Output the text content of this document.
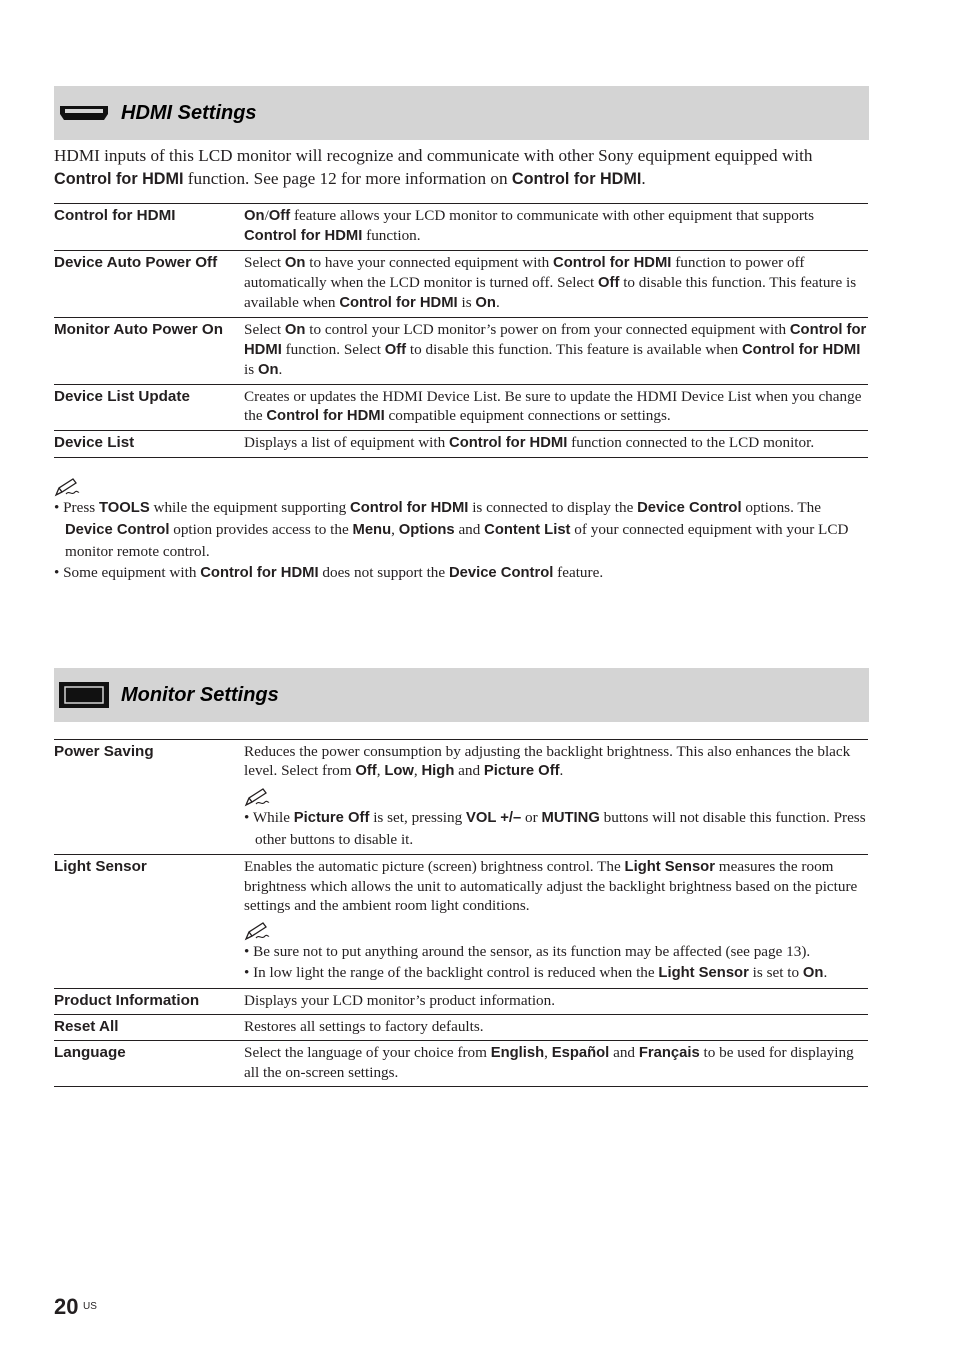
HDMI Settings
HDMI inputs of this LCD monitor will recognize and communicate with other Sony equipment equipped with Control for HDMI function. See page 12 for more information on Control for HDMI.
Control for HDMI	On/Off feature allows your LCD monitor to communicate with other equipment that supports Control for HDMI function.
Device Auto Power Off	Select On to have your connected equipment with Control for HDMI function to power off automatically when the LCD monitor is turned off. Select Off to disable this function. This feature is available when Control for HDMI is On.
Monitor Auto Power On	Select On to control your LCD monitor’s power on from your connected equipment with Control for HDMI function. Select Off to disable this function. This feature is available when Control for HDMI is On.
Device List Update	Creates or updates the HDMI Device List. Be sure to update the HDMI Device List when you change the Control for HDMI compatible equipment connections or settings.
Device List	Displays a list of equipment with Control for HDMI function connected to the LCD monitor.
• Press TOOLS while the equipment supporting Control for HDMI is connected to display the Device Control options. The Device Control option provides access to the Menu, Options and Content List of your connected equipment with your LCD monitor remote control.
• Some equipment with Control for HDMI does not support the Device Control feature.
Monitor Settings
Power Saving	Reduces the power consumption by adjusting the backlight brightness. This also enhances the black level. Select from Off, Low, High and Picture Off.
• While Picture Off is set, pressing VOL +/– or MUTING buttons will not disable this function. Press other buttons to disable it.

Light Sensor	Enables the automatic picture (screen) brightness control. The Light Sensor measures the room brightness which allows the unit to automatically adjust the backlight brightness based on the picture settings and the ambient room light conditions.
• Be sure not to put anything around the sensor, as its function may be affected (see page 13).
• In low light the range of the backlight control is reduced when the Light Sensor is set to On.

Product Information	Displays your LCD monitor’s product information.
Reset All	Restores all settings to factory defaults.
Language	Select the language of your choice from English, Español and Français to be used for displaying all the on-screen settings.
20 US
